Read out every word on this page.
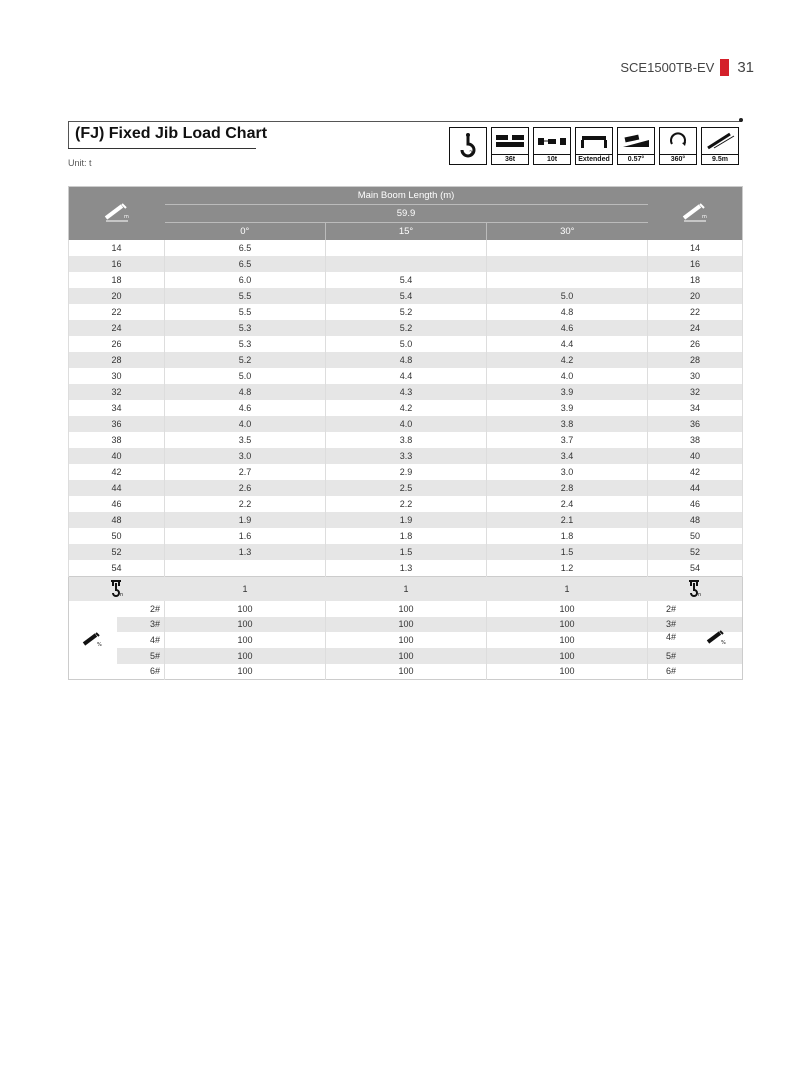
SCE1500TB-EV 31
(FJ) Fixed Jib Load Chart
Unit: t
2
36t	10t	Extended	0.57°	360°	9.5m
m		Main Boom Length (m)			m

		59.9			
		0°	15°	30°	
14		6.5			14
16		6.5			16
18		6.0	5.4		18
20		5.5	5.4	5.0	20
22		5.5	5.2	4.8	22
24		5.3	5.2	4.6	24
26		5.3	5.0	4.4	26
28		5.2	4.8	4.2	28
30		5.0	4.4	4.0	30
32		4.8	4.3	3.9	32
34		4.6	4.2	3.9	34
36		4.0	4.0	3.8	36
38		3.5	3.8	3.7	38
40		3.0	3.3	3.4	40
42		2.7	2.9	3.0	42
44		2.6	2.5	2.8	44
46		2.2	2.2	2.4	46
48		1.9	1.9	2.1	48
50		1.6	1.8	1.8	50
52		1.3	1.5	1.5	52
54			1.3	1.2	54

n		1	1	1	n

%	2#	100	100	100	2#
	3#	100	100	100	3#
	4#	100	100	100	4#
%

	5#	100	100	100	5#
	6#	100	100	100	6#
